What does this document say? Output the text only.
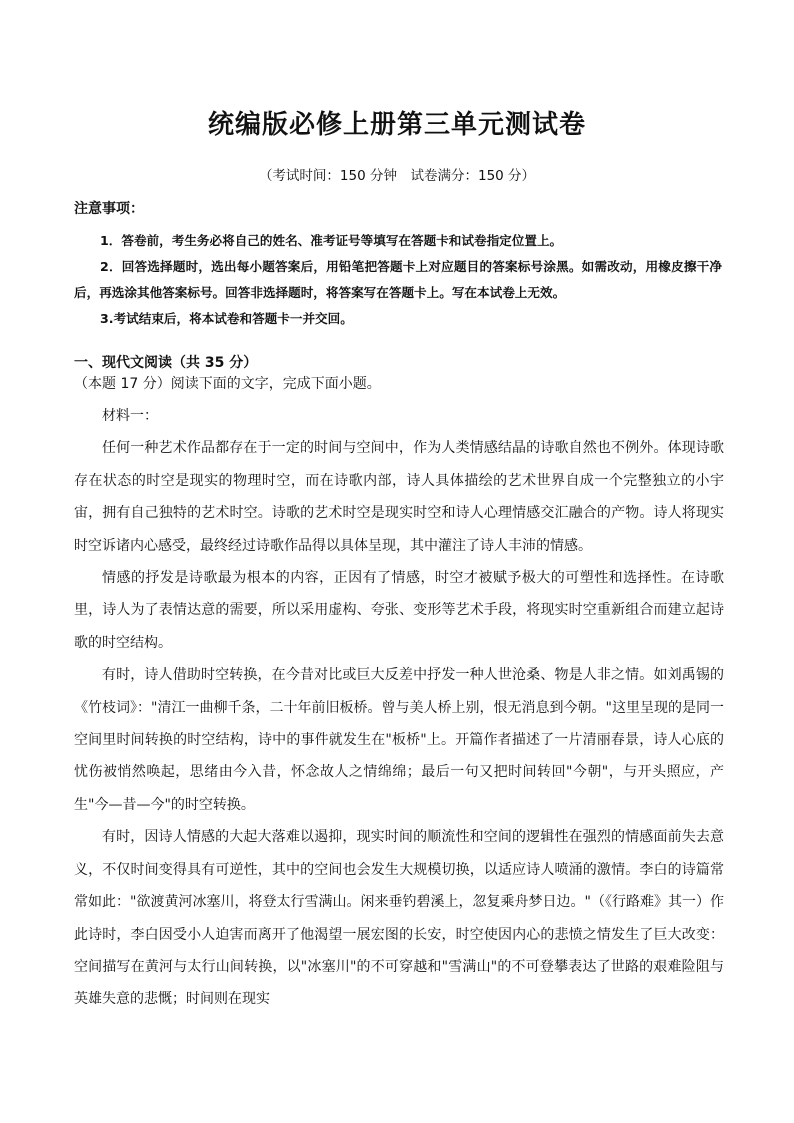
统编版必修上册第三单元测试卷
（考试时间：150 分钟　试卷满分：150 分）
注意事项：

1．答卷前，考生务必将自己的姓名、准考证号等填写在答题卡和试卷指定位置上。

2．回答选择题时，选出每小题答案后，用铅笔把答题卡上对应题目的答案标号涂黑。如需改动，用橡皮擦干净后，再选涂其他答案标号。回答非选择题时，将答案写在答题卡上。写在本试卷上无效。

3.考试结束后，将本试卷和答题卡一并交回。

一、现代文阅读（共 35 分）
（本题 17 分）阅读下面的文字，完成下面小题。

材料一：

任何一种艺术作品都存在于一定的时间与空间中，作为人类情感结晶的诗歌自然也不例外。体现诗歌存在状态的时空是现实的物理时空，而在诗歌内部，诗人具体描绘的艺术世界自成一个完整独立的小宇宙，拥有自己独特的艺术时空。诗歌的艺术时空是现实时空和诗人心理情感交汇融合的产物。诗人将现实时空诉诸内心感受，最终经过诗歌作品得以具体呈现，其中灌注了诗人丰沛的情感。

情感的抒发是诗歌最为根本的内容，正因有了情感，时空才被赋予极大的可塑性和选择性。在诗歌里，诗人为了表情达意的需要，所以采用虚构、夸张、变形等艺术手段，将现实时空重新组合而建立起诗歌的时空结构。

有时，诗人借助时空转换，在今昔对比或巨大反差中抒发一种人世沧桑、物是人非之情。如刘禹锡的《竹枝词》："清江一曲柳千条，二十年前旧板桥。曾与美人桥上别，恨无消息到今朝。"这里呈现的是同一空间里时间转换的时空结构，诗中的事件就发生在"板桥"上。开篇作者描述了一片清丽春景，诗人心底的忧伤被悄然唤起，思绪由今入昔，怀念故人之情绵绵；最后一句又把时间转回"今朝"，与开头照应，产生"今—昔—今"的时空转换。

有时，因诗人情感的大起大落难以遏抑，现实时间的顺流性和空间的逻辑性在强烈的情感面前失去意义，不仅时间变得具有可逆性，其中的空间也会发生大规模切换，以适应诗人喷涌的激情。李白的诗篇常常如此："欲渡黄河冰塞川，将登太行雪满山。闲来垂钓碧溪上，忽复乘舟梦日边。"（《行路难》其一）作此诗时，李白因受小人迫害而离开了他渴望一展宏图的长安，时空使因内心的悲愤之情发生了巨大改变：空间描写在黄河与太行山间转换，以"冰塞川"的不可穿越和"雪满山"的不可登攀表达了世路的艰难险阻与英雄失意的悲慨；时间则在现实
